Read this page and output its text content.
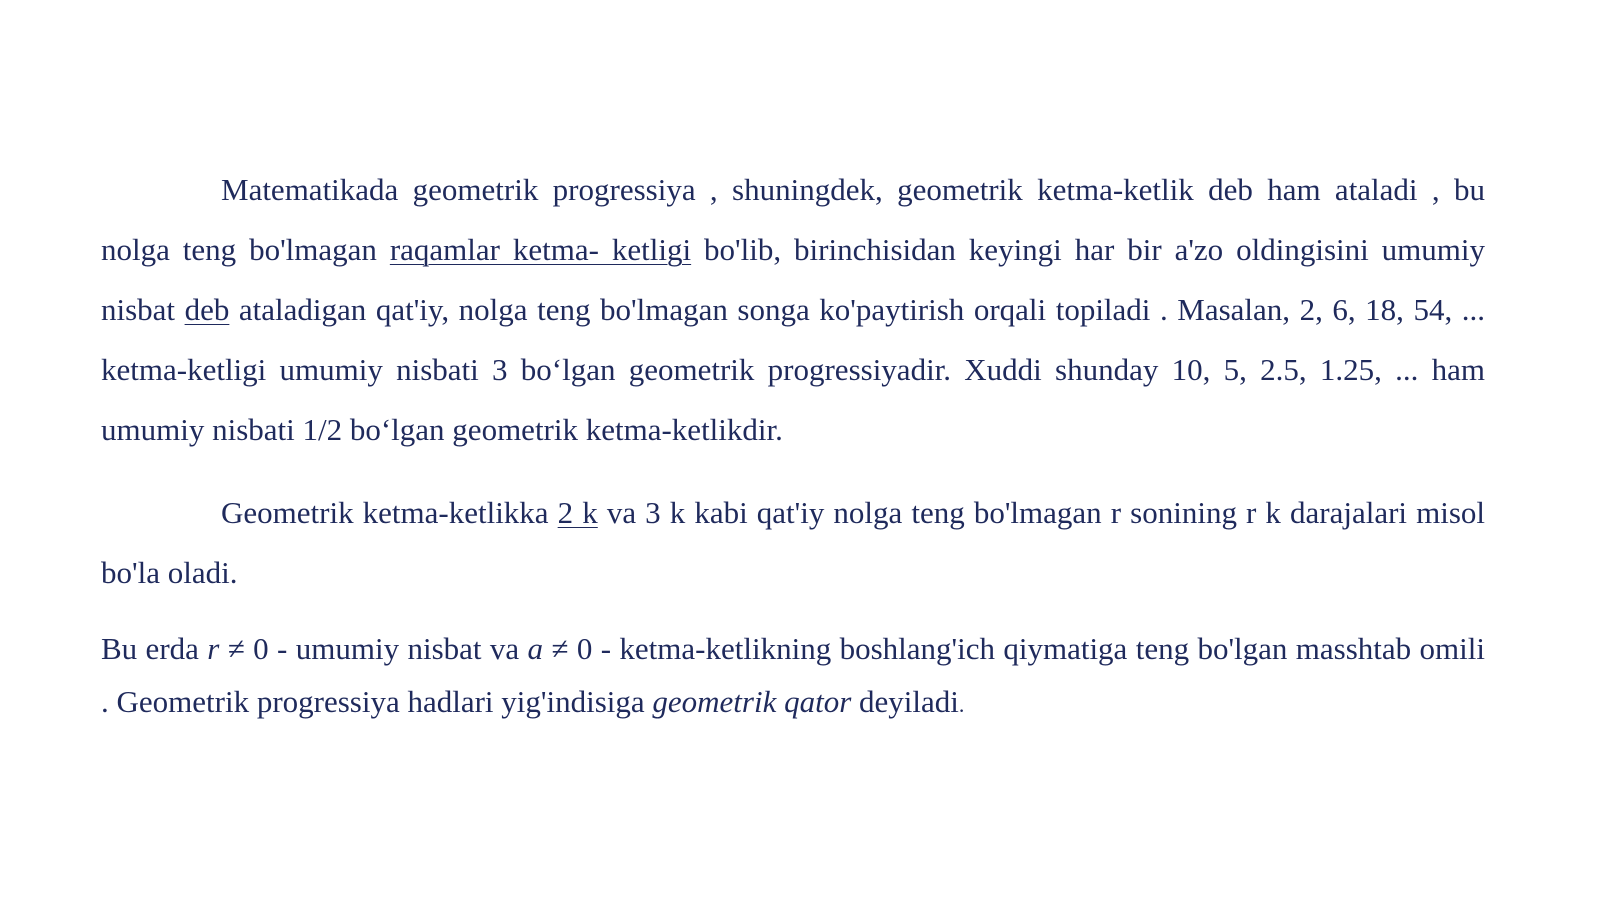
Matematikada geometrik progressiya , shuningdek, geometrik ketma-ketlik deb ham ataladi , bu nolga teng bo'lmagan raqamlar ketma- ketligi bo'lib, birinchisidan keyingi har bir a'zo oldingisini umumiy nisbat deb ataladigan qat'iy, nolga teng bo'lmagan songa ko'paytirish orqali topiladi . Masalan, 2, 6, 18, 54, ... ketma-ketligi umumiy nisbati 3 bo‘lgan geometrik progressiyadir. Xuddi shunday 10, 5, 2.5, 1.25, ... ham umumiy nisbati 1/2 bo‘lgan geometrik ketma-ketlikdir.

Geometrik ketma-ketlikka 2 k va 3 k kabi qat'iy nolga teng bo'lmagan r sonining r k darajalari misol bo'la oladi.

Bu erda r ≠ 0 - umumiy nisbat va a ≠ 0 - ketma-ketlikning boshlang'ich qiymatiga teng bo'lgan masshtab omili . Geometrik progressiya hadlari yig'indisiga geometrik qator deyiladi.
